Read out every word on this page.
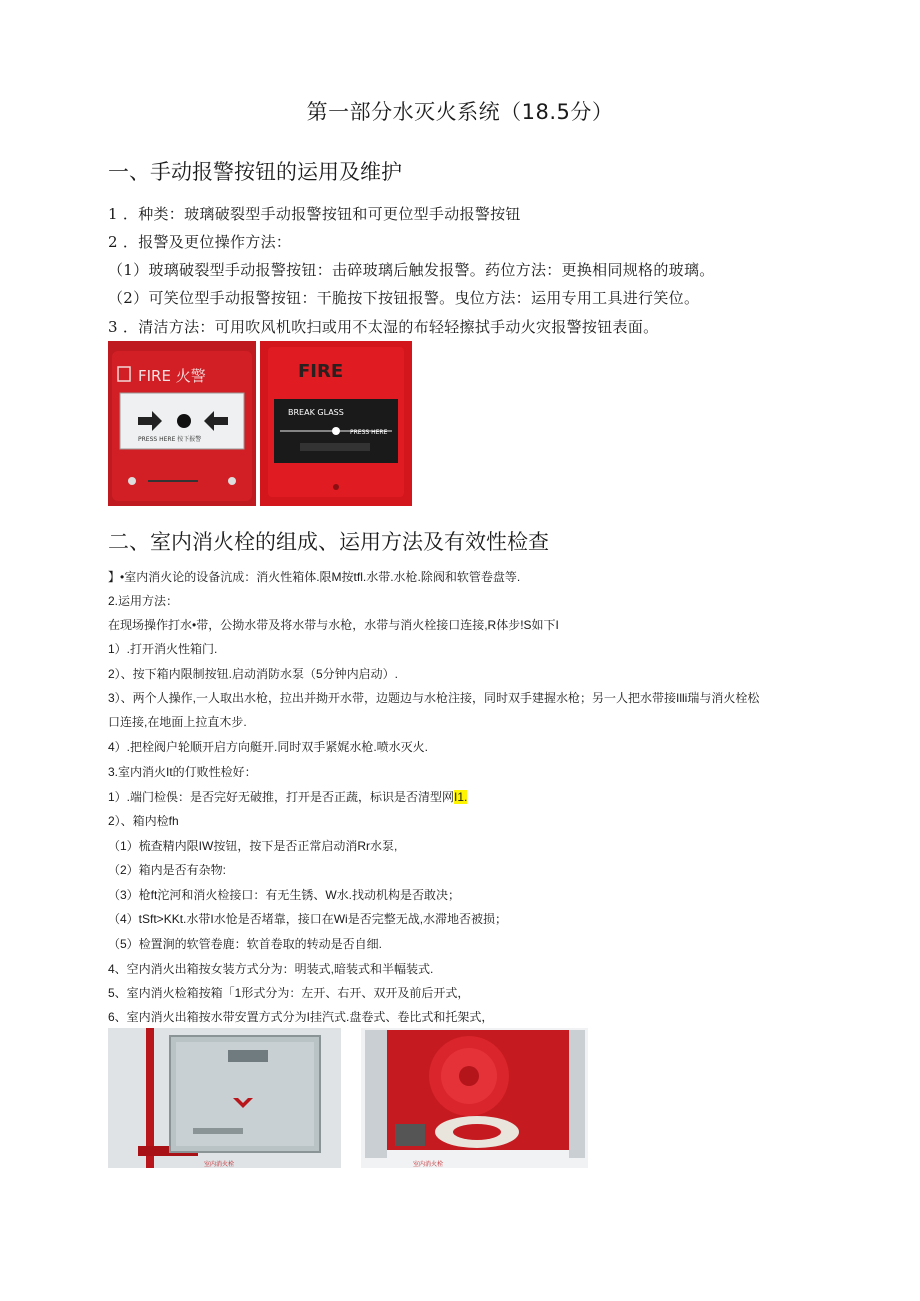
第一部分水灭火系统（18.5分）
一、手动报警按钮的运用及维护
1 ．种类：玻璃破裂型手动报警按钮和可更位型手动报警按钮
2 ．报警及更位操作方法：
（1）玻璃破裂型手动报警按钮：击碎玻璃后触发报警。药位方法：更换相同规格的玻璃。
（2）可笑位型手动报警按钮：干脆按下按钮报警。曳位方法：运用专用工具进行笑位。
3 ．清洁方法：可用吹风机吹扫或用不太湿的布轻轻擦拭手动火灾报警按钮表面。
FIRE 火警
PRESS HERE 按下报警
FIRE
BREAK GLASS
PRESS HERE
二、室内消火栓的组成、运用方法及有效性检查
】•室内消火论的设备沆成：消火性箱体.限M按tfl.水带.水枪.除阀和软管卷盘等.
2.运用方法：
在现场操作打水•带，公拗水带及将水带与水枪，水带与消火栓接口连接,R体步!S如下I
1）.打开消火性箱门.
2）、按下箱内限制按钮.启动消防水泵（5分钟内启动）.
3）、两个人操作,一人取出水枪，拉出并拗开水带，边题边与水枪注接，同时双手建握水枪；另一人把水带接Illi瑞与消火栓松
口连接,在地面上拉直木步.
4）.把栓阀户轮顺开启方向艇开.同时双手紧娓水枪.喷水灭火.
3.室内消火It的仃败性检好：
1）.端门检俁：是否完好无破推，打开是否正蔬，标识是否清型网I1.
2）、箱内检fh
（1）梳查精内限IW按钮，按下是否正常启动消Rr水泵,
（2）箱内是否有杂物:
（3）枪ft沱河和消火检接口：有无生锈、W水.找动机构是否敢决；
（4）tSft>KKt.水带I水怆是否堵靠，接口在Wi是否完整无战,水滞地否被损；
（5）检置涧的软管卷鹿：软首卷取的转动是否自细.
4、空内消火出箱按女装方式分为：明装式,暗装式和半幅装式.
5、室内消火检箱按箱「1形式分为：左开、右开、双开及前后开式，
6、室内消火出箱按水带安置方式分为I挂汽式.盘卷式、卷比式和托架式，
室内消火栓	室内消火栓
